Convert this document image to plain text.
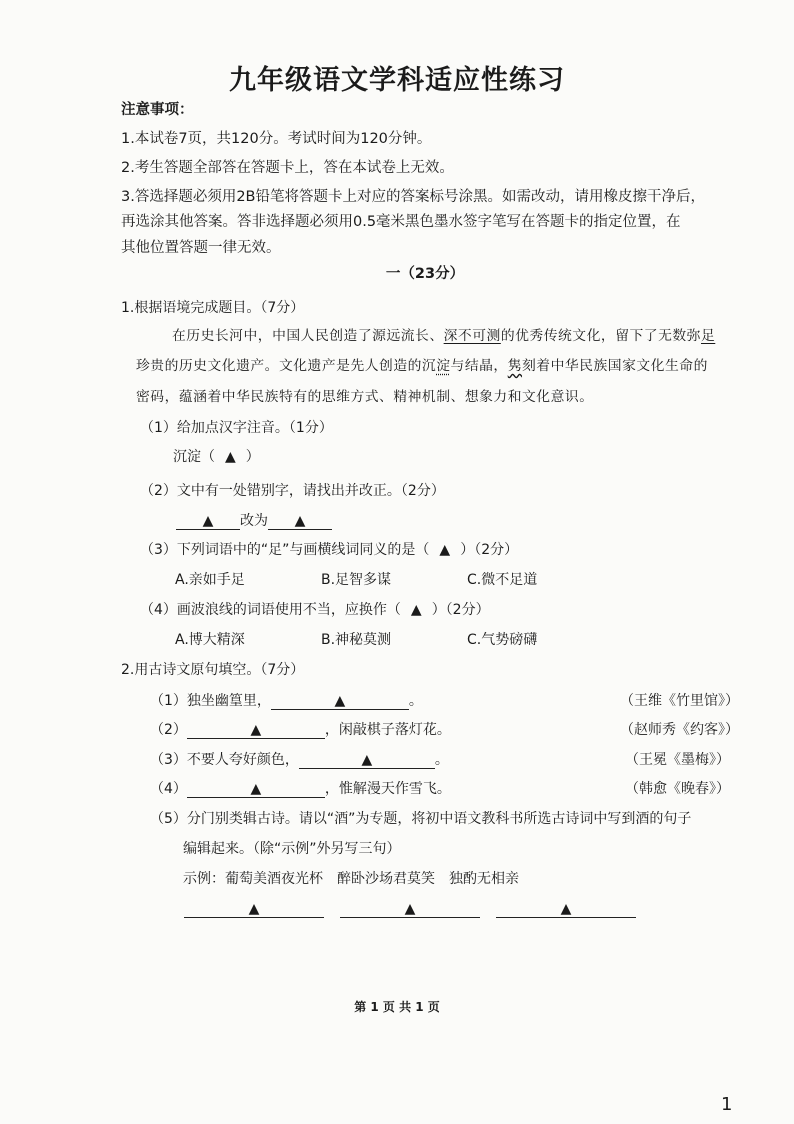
九年级语文学科适应性练习
注意事项：
1.本试卷7页，共120分。考试时间为120分钟。
2.考生答题全部答在答题卡上，答在本试卷上无效。
3.答选择题必须用2B铅笔将答题卡上对应的答案标号涂黑。如需改动，请用橡皮擦干净后，
再选涂其他答案。答非选择题必须用0.5毫米黑色墨水签字笔写在答题卡的指定位置，在
其他位置答题一律无效。
一（23分）
1.根据语境完成题目。（7分）
在历史长河中，中国人民创造了源远流长、深不可测的优秀传统文化，留下了无数弥足
珍贵的历史文化遗产。文化遗产是先人创造的沉淀与结晶，隽刻着中华民族国家文化生命的
密码，蕴涵着中华民族特有的思维方式、精神机制、想象力和文化意识。
（1）给加点汉字注音。（1分）
沉淀（ ▲ ）
（2）文中有一处错别字，请找出并改正。（2分）
▲	改为	▲
（3）下列词语中的“足”与画横线词同义的是（ ▲ ）（2分）
A.亲如手足	B.足智多谋	C.微不足道
（4）画波浪线的词语使用不当，应换作（ ▲ ）（2分）
A.博大精深	B.神秘莫测	C.气势磅礴
2.用古诗文原句填空。（7分）
（1）独坐幽篁里，	▲	。	（王维《竹里馆》）
（2）	▲	，闲敲棋子落灯花。	（赵师秀《约客》）
（3）不要人夸好颜色，	▲	。	（王冕《墨梅》）
（4）	▲	，惟解漫天作雪飞。	（韩愈《晚春》）
（5）分门别类辑古诗。请以“酒”为专题，将初中语文教科书所选古诗词中写到酒的句子
编辑起来。（除“示例”外另写三句）
示例：葡萄美酒夜光杯　醉卧沙场君莫笑　独酌无相亲
▲	▲	▲
第 1 页 共 1 页
1
